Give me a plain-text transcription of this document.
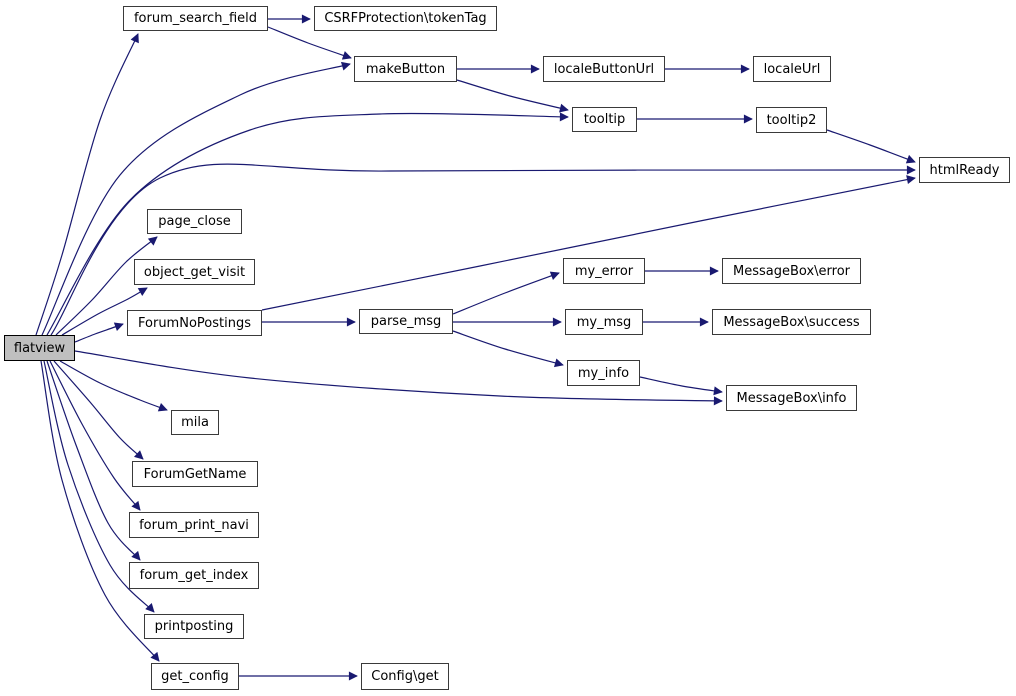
flatview
forum_search_field	CSRFProtection\tokenTag
makeButton	localeButtonUrl	localeUrl
tooltip	tooltip2
htmlReady
page_close
object_get_visit
ForumNoPostings	parse_msg
my_error	MessageBox\error
my_msg	MessageBox\success
my_info
MessageBox\info
mila
ForumGetName
forum_print_navi
forum_get_index
printposting
get_config	Config\get
